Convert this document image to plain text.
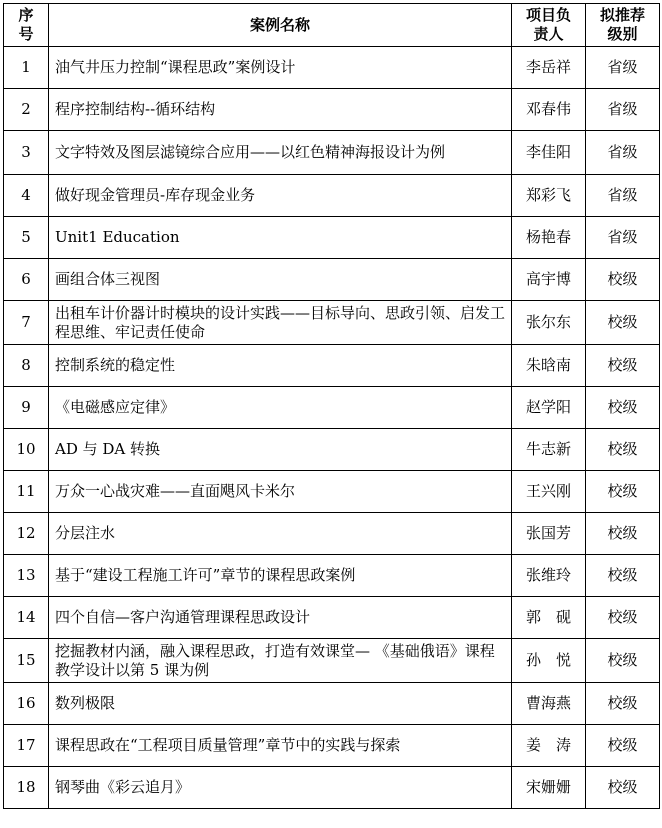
序号	案例名称	项目负责人	拟推荐级别
1	油气井压力控制“课程思政”案例设计	李岳祥	省级
2	程序控制结构--循环结构	邓春伟	省级
3	文字特效及图层滤镜综合应用——以红色精神海报设计为例	李佳阳	省级
4	做好现金管理员-库存现金业务	郑彩飞	省级
5	Unit1 Education	杨艳春	省级
6	画组合体三视图	高宇博	校级
7	出租车计价器计时模块的设计实践——目标导向、思政引领、启发工程思维、牢记责任使命	张尔东	校级
8	控制系统的稳定性	朱晗南	校级
9	《电磁感应定律》	赵学阳	校级
10	AD 与 DA 转换	牛志新	校级
11	万众一心战灾难——直面飓风卡米尔	王兴刚	校级
12	分层注水	张国芳	校级
13	基于“建设工程施工许可”章节的课程思政案例	张维玲	校级
14	四个自信—客户沟通管理课程思政设计	郭　砚	校级
15	挖掘教材内涵，融入课程思政，打造有效课堂— 《基础俄语》课程教学设计以第 5 课为例	孙　悦	校级
16	数列极限	曹海燕	校级
17	课程思政在“工程项目质量管理”章节中的实践与探索	姜　涛	校级
18	钢琴曲《彩云追月》	宋姗姗	校级
